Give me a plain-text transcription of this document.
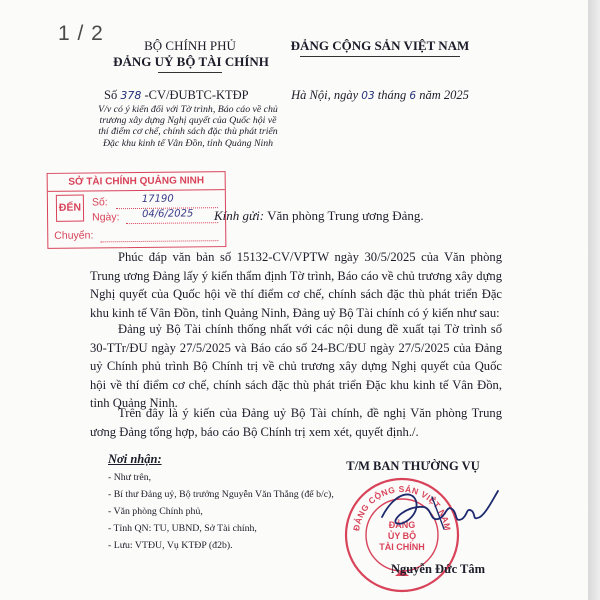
1 / 2
BỘ CHÍNH PHỦ
ĐẢNG UỶ BỘ TÀI CHÍNH
Số 378 -CV/ĐUBTC-KTĐP
V/v có ý kiến đối với Tờ trình, Báo cáo về chủ trương xây dựng Nghị quyết của Quốc hội về thí điểm cơ chế, chính sách đặc thù phát triển Đặc khu kinh tế Vân Đồn, tỉnh Quảng Ninh
ĐẢNG CỘNG SẢN VIỆT NAM
Hà Nội, ngày 03 tháng 6 năm 2025
SỞ TÀI CHÍNH QUẢNG NINH
ĐẾN Số:	17190
Ngày: 04/6/2025
Chuyển:
Kính gửi: Văn phòng Trung ương Đảng.
Phúc đáp văn bản số 15132-CV/VPTW ngày 30/5/2025 của Văn phòng Trung ương Đảng lấy ý kiến thẩm định Tờ trình, Báo cáo về chủ trương xây dựng Nghị quyết của Quốc hội về thí điểm cơ chế, chính sách đặc thù phát triển Đặc khu kinh tế Vân Đồn, tỉnh Quảng Ninh, Đảng uỷ Bộ Tài chính có ý kiến như sau:
Đảng uỷ Bộ Tài chính thống nhất với các nội dung đề xuất tại Tờ trình số 30-TTr/ĐU ngày 27/5/2025 và Báo cáo số 24-BC/ĐU ngày 27/5/2025 của Đảng uỷ Chính phủ trình Bộ Chính trị về chủ trương xây dựng Nghị quyết của Quốc hội về thí điểm cơ chế, chính sách đặc thù phát triển Đặc khu kinh tế Vân Đồn, tỉnh Quảng Ninh.
Trên đây là ý kiến của Đảng uỷ Bộ Tài chính, đề nghị Văn phòng Trung ương Đảng tổng hợp, báo cáo Bộ Chính trị xem xét, quyết định./.
Nơi nhận:
- Như trên,
- Bí thư Đảng uỷ, Bộ trưởng Nguyễn Văn Thắng (để b/c),
- Văn phòng Chính phủ,
- Tỉnh QN: TU, UBND, Sở Tài chính,
- Lưu: VTĐU, Vụ KTĐP (đ2b).
T/M BAN THƯỜNG VỤ
ĐẢNG CỘNG SẢN VIỆT NAM
ĐẢNG
ỦY BỘ
TÀI CHÍNH
Nguyễn Đức Tâm
